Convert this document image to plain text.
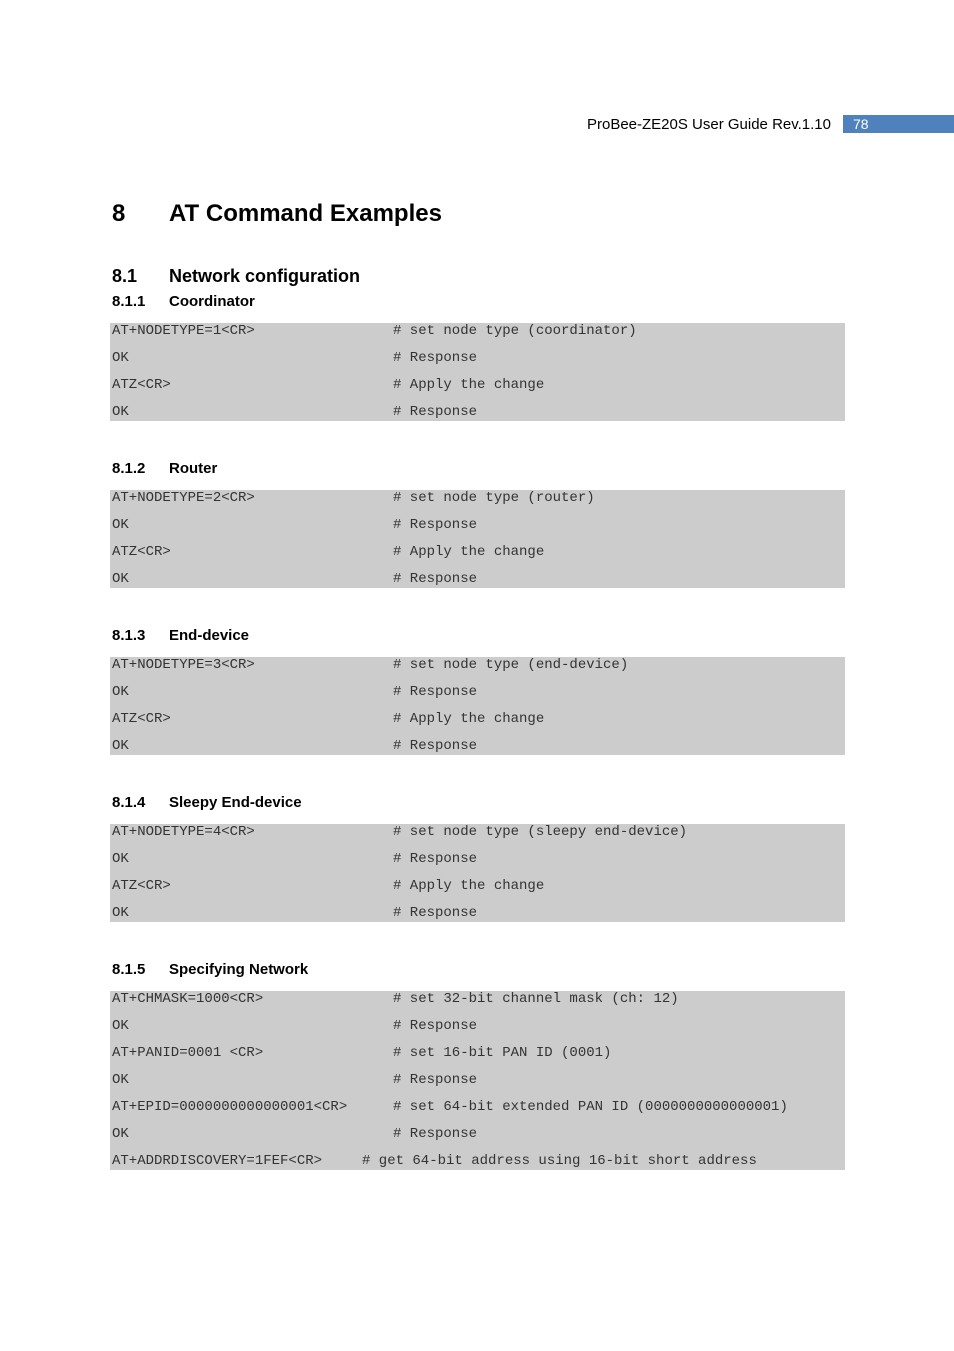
ProBee-ZE20S User Guide Rev.1.10	78
8	AT Command Examples
8.1	Network configuration
8.1.1	Coordinator
AT+NODETYPE=1<CR>	# set node type (coordinator)
OK	# Response
ATZ<CR>	# Apply the change
OK	# Response
8.1.2	Router
AT+NODETYPE=2<CR>	# set node type (router)
OK	# Response
ATZ<CR>	# Apply the change
OK	# Response
8.1.3	End-device
AT+NODETYPE=3<CR>	# set node type (end-device)
OK	# Response
ATZ<CR>	# Apply the change
OK	# Response
8.1.4	Sleepy End-device
AT+NODETYPE=4<CR>	# set node type (sleepy end-device)
OK	# Response
ATZ<CR>	# Apply the change
OK	# Response
8.1.5	Specifying Network
AT+CHMASK=1000<CR>	# set 32-bit channel mask (ch: 12)
OK	# Response
AT+PANID=0001 <CR>	# set 16-bit PAN ID (0001)
OK	# Response
AT+EPID=0000000000000001<CR>	# set 64-bit extended PAN ID (0000000000000001)
OK	# Response
AT+ADDRDISCOVERY=1FEF<CR>	# get 64-bit address using 16-bit short address
